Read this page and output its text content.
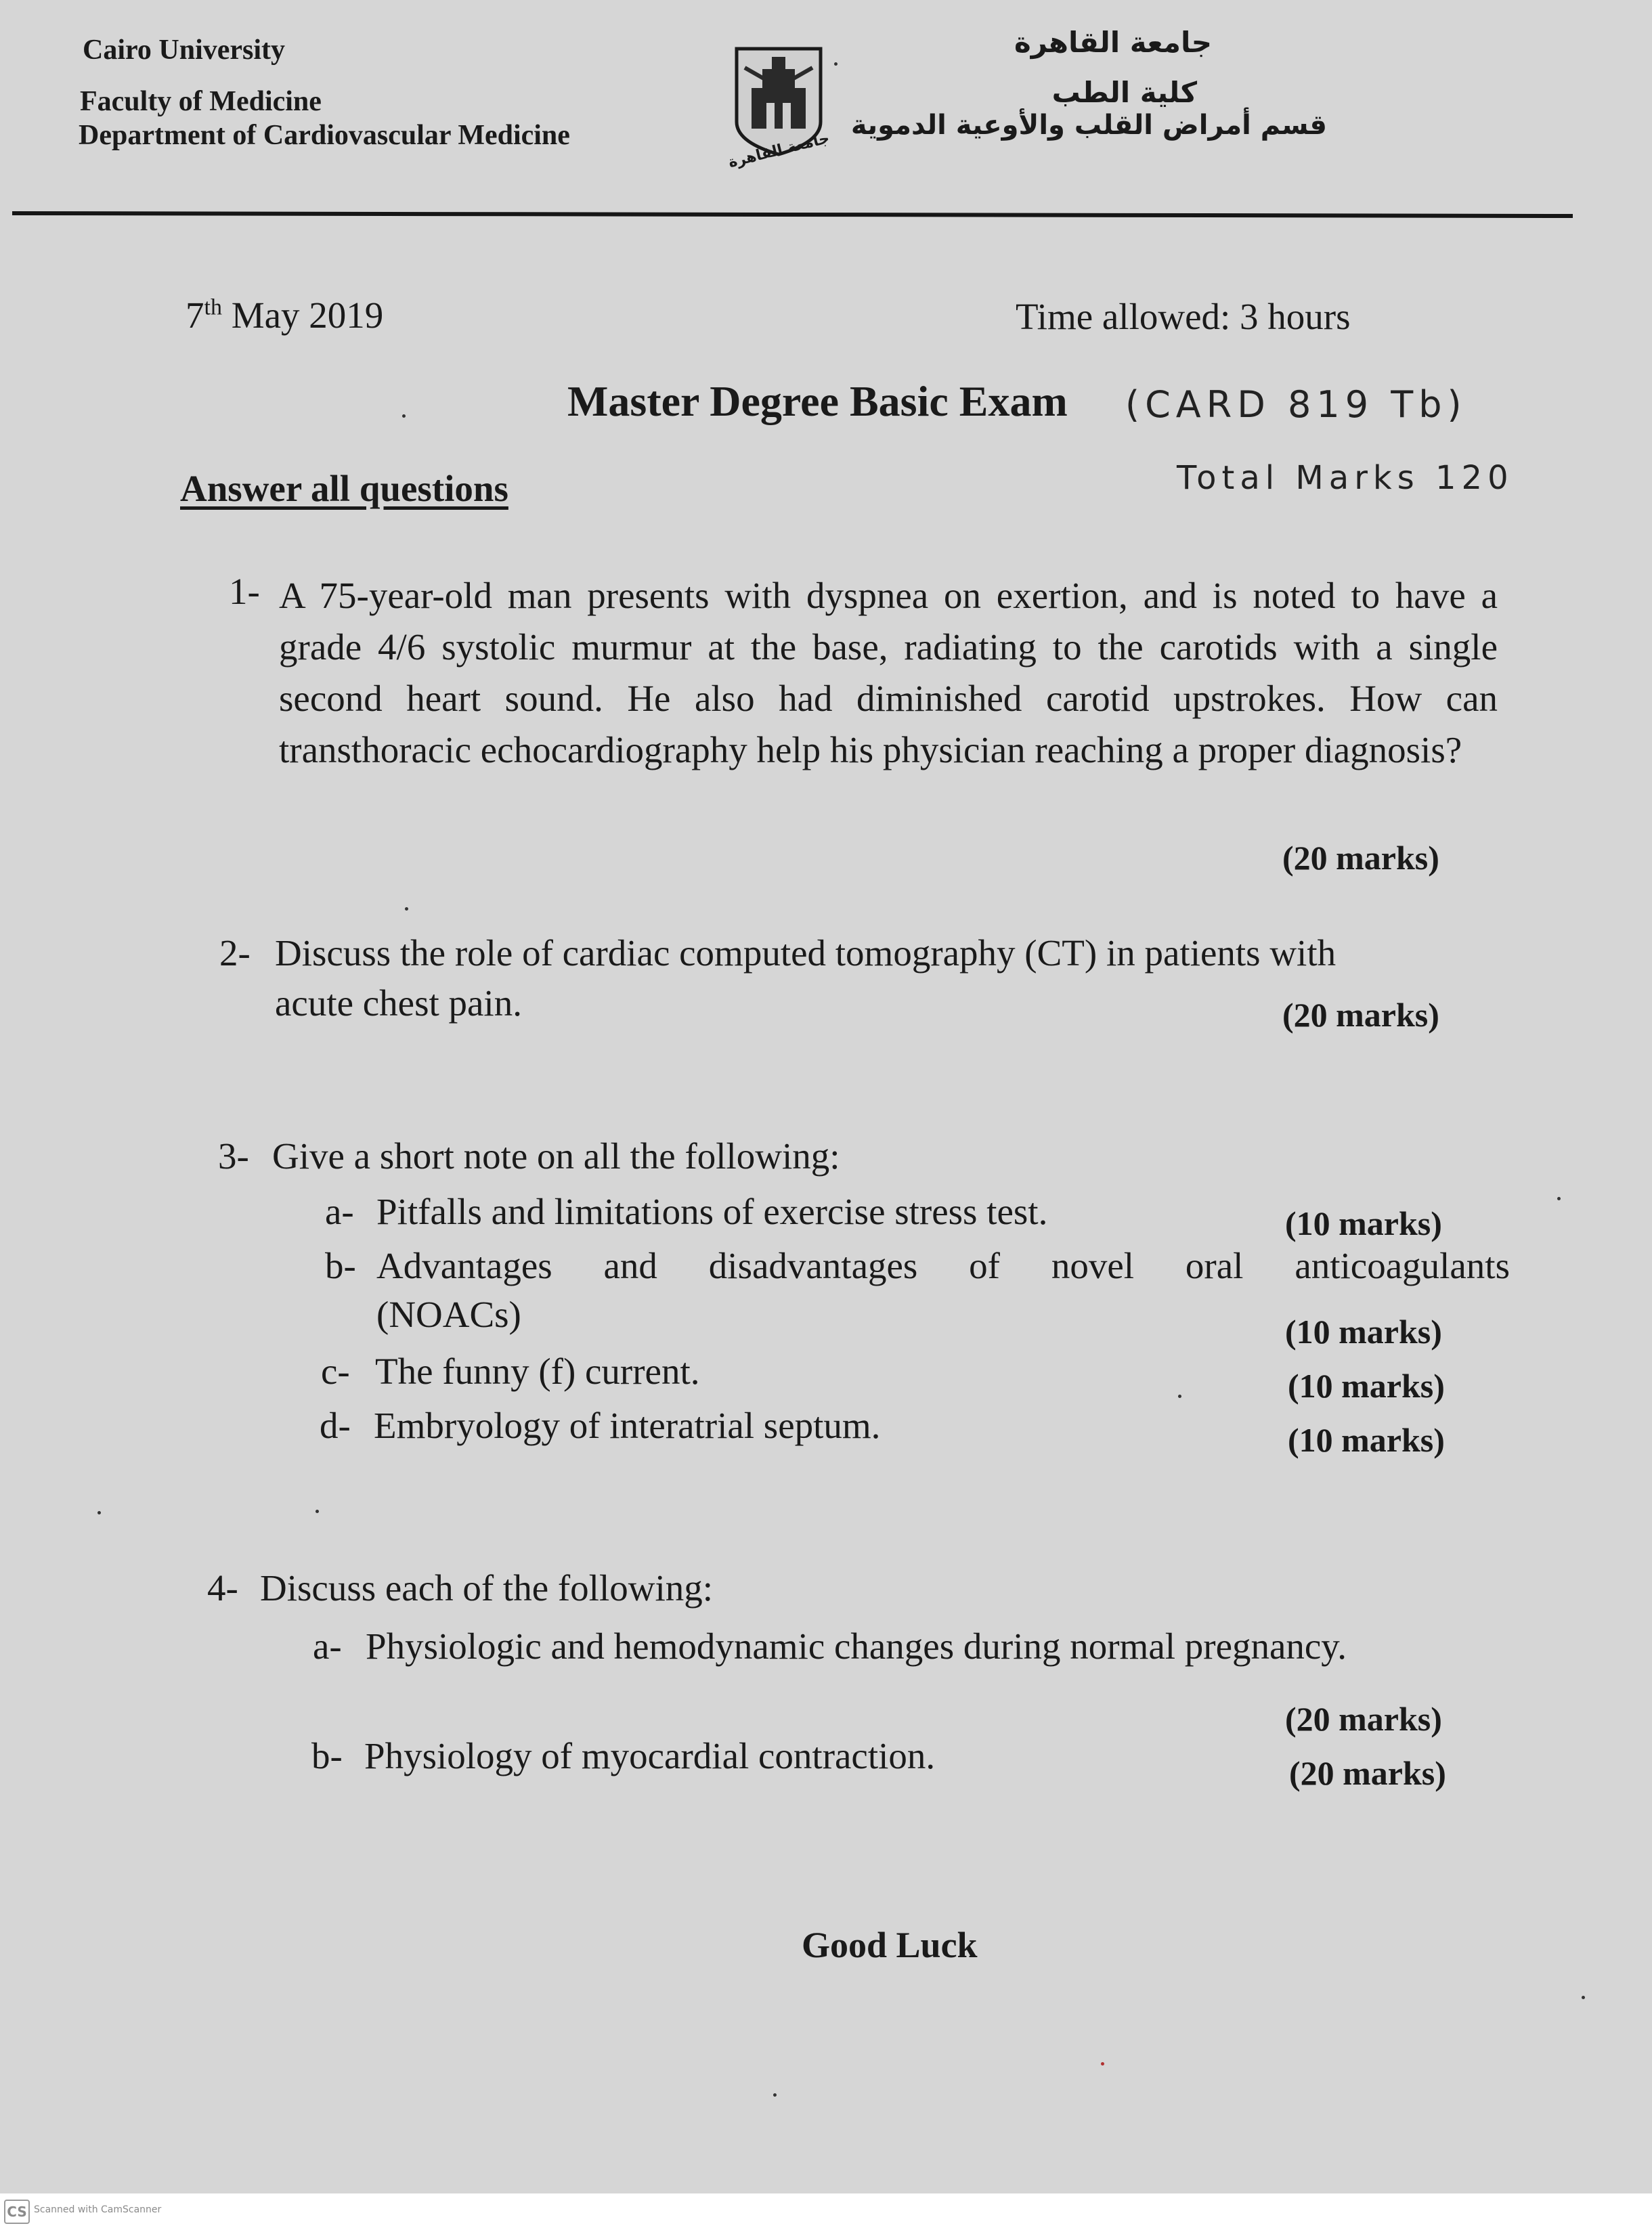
Cairo University
Faculty of Medicine
Department of Cardiovascular Medicine	جامعة القاهرة
جامعة القاهرة
كلية الطب
قسم أمراض القلب والأوعية الدموية
7th May 2019	Time allowed: 3 hours
Master Degree Basic Exam (CARD 819 Tb)
Answer all questions	Total Marks 120
1- A 75-year-old man presents with dyspnea on exertion, and is noted to have a grade 4/6 systolic murmur at the base, radiating to the carotids with a single second heart sound. He also had diminished carotid upstrokes. How can transthoracic echocardiography help his physician reaching a proper diagnosis?
(20 marks)
2- Discuss the role of cardiac computed tomography (CT) in patients with
acute chest pain.	(20 marks)
3- Give a short note on all the following:
a- Pitfalls and limitations of exercise stress test.	(10 marks)
b- Advantages and disadvantages of novel oral anticoagulants
(NOACs)	(10 marks)
c- The funny (f) current.	(10 marks)
d- Embryology of interatrial septum.	(10 marks)
4- Discuss each of the following:
a- Physiologic and hemodynamic changes during normal pregnancy.
(20 marks)
b- Physiology of myocardial contraction.	(20 marks)
Good Luck
CS Scanned with CamScanner
